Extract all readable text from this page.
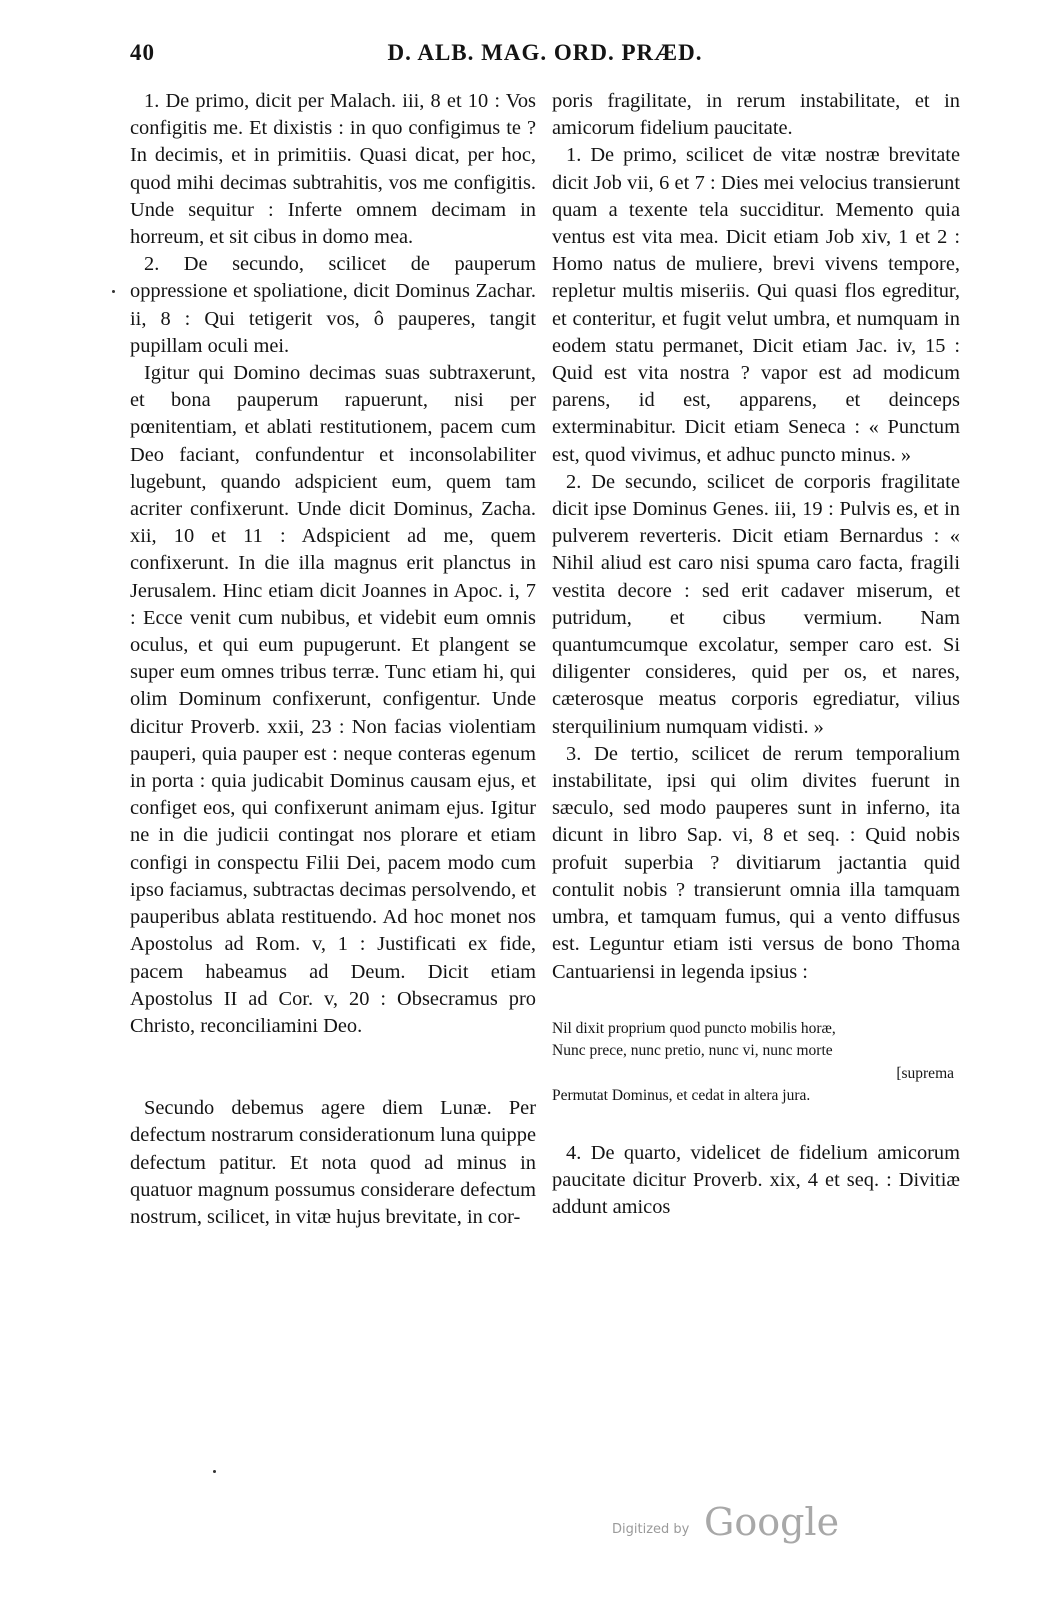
40	D. ALB. MAG. ORD. PRÆD.

1. De primo, dicit per Malach. iii, 8 et 10 : Vos configitis me. Et dixistis : in quo configimus te ? In decimis, et in primitiis. Quasi dicat, per hoc, quod mihi decimas subtrahitis, vos me configitis. Unde sequitur : Inferte omnem decimam in horreum, et sit cibus in domo mea.

2. De secundo, scilicet de pauperum oppressione et spoliatione, dicit Dominus Zachar. ii, 8 : Qui tetigerit vos, ô pauperes, tangit pupillam oculi mei.

Igitur qui Domino decimas suas subtraxerunt, et bona pauperum rapuerunt, nisi per pœnitentiam, et ablati restitutionem, pacem cum Deo faciant, confundentur et inconsolabiliter lugebunt, quando adspicient eum, quem tam acriter confixerunt. Unde dicit Dominus, Zacha. xii, 10 et 11 : Adspicient ad me, quem confixerunt. In die illa magnus erit planctus in Jerusalem. Hinc etiam dicit Joannes in Apoc. i, 7 : Ecce venit cum nubibus, et videbit eum omnis oculus, et qui eum pupugerunt. Et plangent se super eum omnes tribus terræ. Tunc etiam hi, qui olim Dominum confixerunt, configentur. Unde dicitur Proverb. xxii, 23 : Non facias violentiam pauperi, quia pauper est : neque conteras egenum in porta : quia judicabit Dominus causam ejus, et configet eos, qui confixerunt animam ejus. Igitur ne in die judicii contingat nos plorare et etiam configi in conspectu Filii Dei, pacem modo cum ipso faciamus, subtractas decimas persolvendo, et pauperibus ablata restituendo. Ad hoc monet nos Apostolus ad Rom. v, 1 : Justificati ex fide, pacem habeamus ad Deum. Dicit etiam Apostolus II ad Cor. v, 20 : Obsecramus pro Christo, reconciliamini Deo.

Secundo debemus agere diem Lunæ. Per defectum nostrarum considerationum luna quippe defectum patitur. Et nota quod ad minus in quatuor magnum possumus considerare defectum nostrum, scilicet, in vitæ hujus brevitate, in cor-

poris fragilitate, in rerum instabilitate, et in amicorum fidelium paucitate.

1. De primo, scilicet de vitæ nostræ brevitate dicit Job vii, 6 et 7 : Dies mei velocius transierunt quam a texente tela succiditur. Memento quia ventus est vita mea. Dicit etiam Job xiv, 1 et 2 : Homo natus de muliere, brevi vivens tempore, repletur multis miseriis. Qui quasi flos egreditur, et conteritur, et fugit velut umbra, et numquam in eodem statu permanet, Dicit etiam Jac. iv, 15 : Quid est vita nostra ? vapor est ad modicum parens, id est, apparens, et deinceps exterminabitur. Dicit etiam Seneca : « Punctum est, quod vivimus, et adhuc puncto minus. »

2. De secundo, scilicet de corporis fragilitate dicit ipse Dominus Genes. iii, 19 : Pulvis es, et in pulverem reverteris. Dicit etiam Bernardus : « Nihil aliud est caro nisi spuma caro facta, fragili vestita decore : sed erit cadaver miserum, et putridum, et cibus vermium. Nam quantumcumque excolatur, semper caro est. Si diligenter consideres, quid per os, et nares, cæterosque meatus corporis egrediatur, vilius sterquilinium numquam vidisti. »

3. De tertio, scilicet de rerum temporalium instabilitate, ipsi qui olim divites fuerunt in sæculo, sed modo pauperes sunt in inferno, ita dicunt in libro Sap. vi, 8 et seq. : Quid nobis profuit superbia ? divitiarum jactantia quid contulit nobis ? transierunt omnia illa tamquam umbra, et tamquam fumus, qui a vento diffusus est. Leguntur etiam isti versus de bono Thoma Cantuariensi in legenda ipsius :

Nil dixit proprium quod puncto mobilis horæ,
Nunc prece, nunc pretio, nunc vi, nunc morte
[suprema
Permutat Dominus, et cedat in altera jura.

4. De quarto, videlicet de fidelium amicorum paucitate dicitur Proverb. xix, 4 et seq. : Divitiæ addunt amicos

Digitized by Google
